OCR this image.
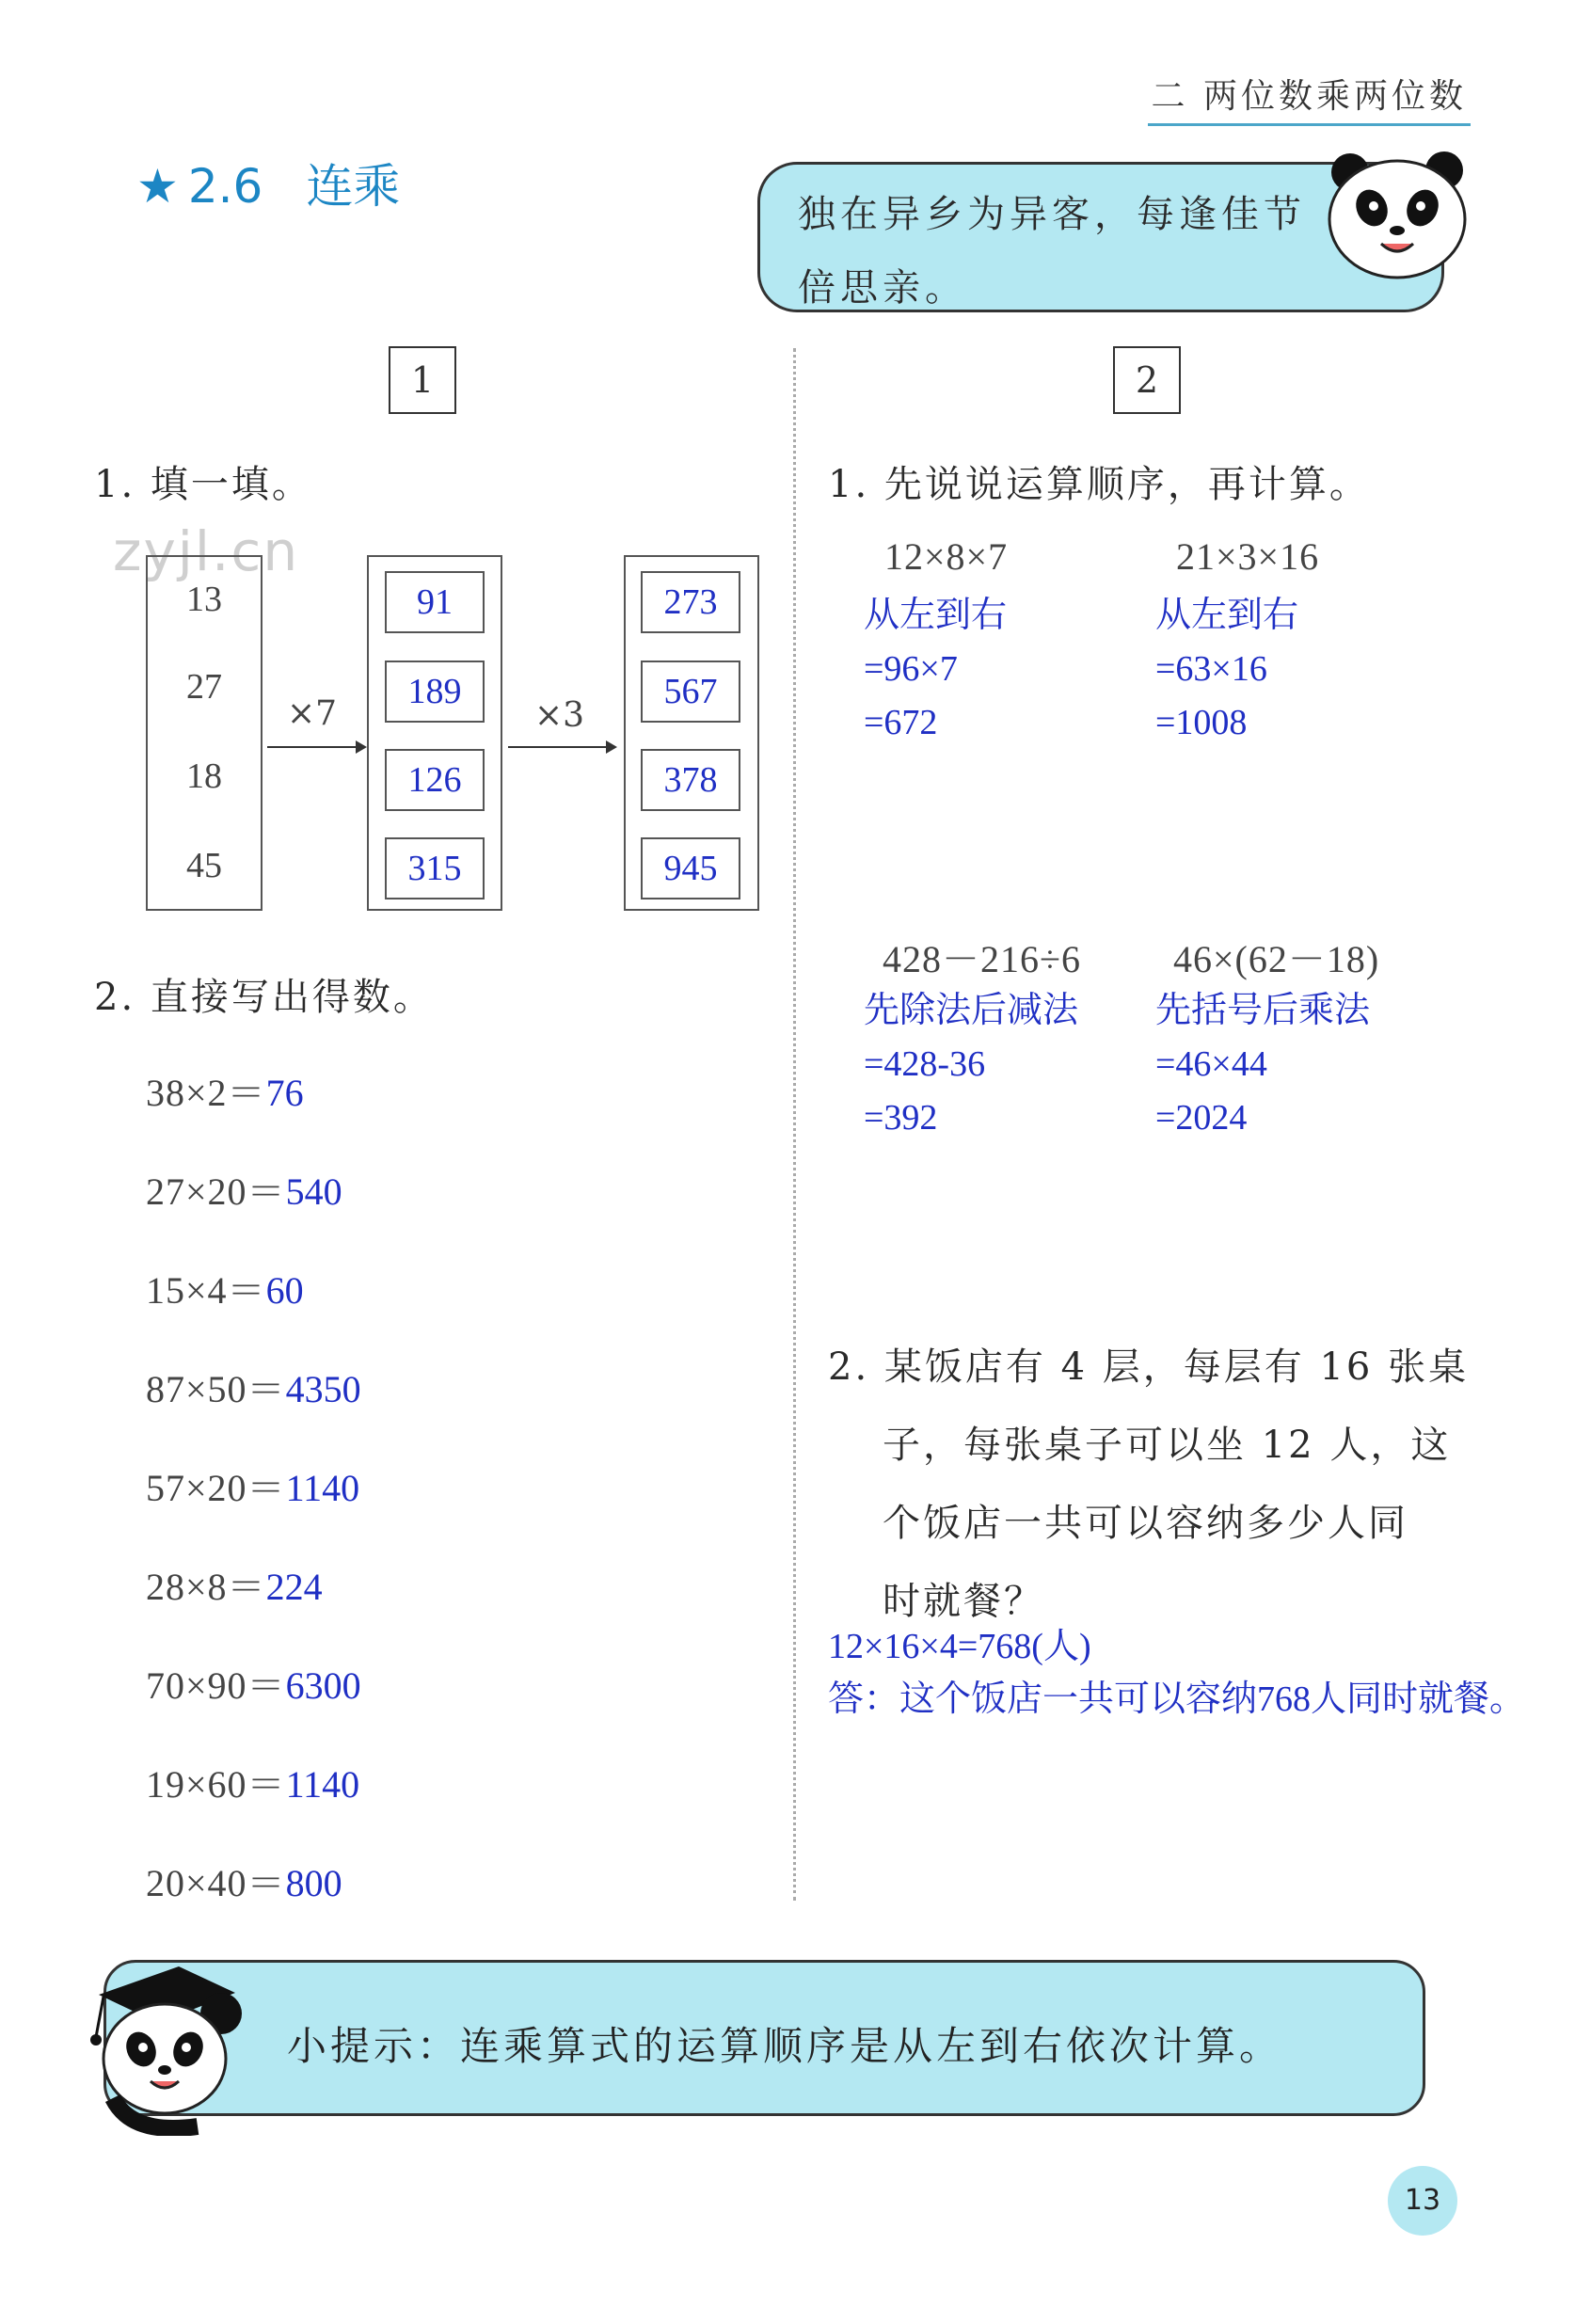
二 两位数乘两位数
★ 2.6 连乘
独在异乡为异客，每逢佳节
倍思亲。
1
1. 填一填。
zyjl.cn
13
27
18
45
×7
91
189
126
315
×3
273
567
378
945
2. 直接写出得数。
38×2＝76
27×20＝540
15×4＝60
87×50＝4350
57×20＝1140
28×8＝224
70×90＝6300
19×60＝1140
20×40＝800
2
1. 先说说运算顺序，再计算。
12×8×7
从左到右
=96×7
=672
21×3×16
从左到右
=63×16
=1008
428－216÷6
先除法后减法
=428-36
=392
46×(62－18)
先括号后乘法
=46×44
=2024
2. 某饭店有 4 层，每层有 16 张桌
子，每张桌子可以坐 12 人，这
个饭店一共可以容纳多少人同
时就餐？
12×16×4=768(人)
答：这个饭店一共可以容纳768人同时就餐。
小提示：连乘算式的运算顺序是从左到右依次计算。
13
